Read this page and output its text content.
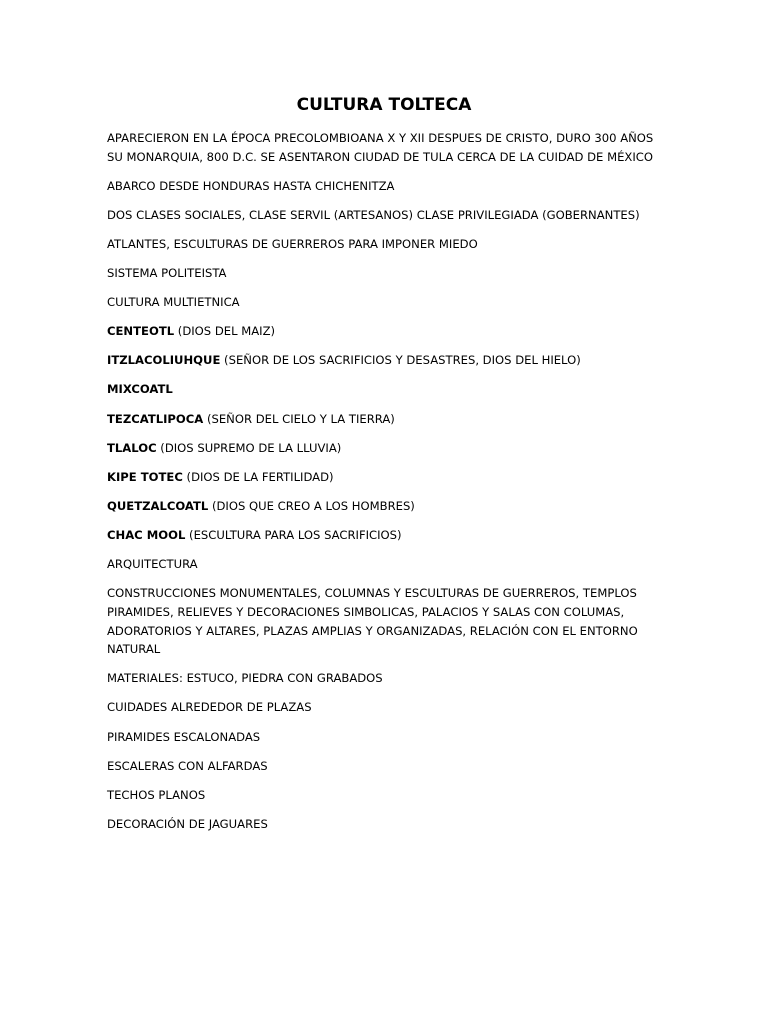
CULTURA TOLTECA

APARECIERON EN LA ÉPOCA PRECOLOMBIOANA X Y XII DESPUES DE CRISTO, DURO 300 AÑOS SU MONARQUIA, 800 D.C. SE ASENTARON CIUDAD DE TULA CERCA DE LA CUIDAD DE MÉXICO

ABARCO DESDE HONDURAS HASTA CHICHENITZA

DOS CLASES SOCIALES, CLASE SERVIL (ARTESANOS) CLASE PRIVILEGIADA (GOBERNANTES)

ATLANTES, ESCULTURAS DE GUERREROS PARA IMPONER MIEDO

SISTEMA POLITEISTA

CULTURA MULTIETNICA

CENTEOTL (DIOS DEL MAIZ)

ITZLACOLIUHQUE (SEÑOR DE LOS SACRIFICIOS Y DESASTRES, DIOS DEL HIELO)

MIXCOATL

TEZCATLIPOCA (SEÑOR DEL CIELO Y LA TIERRA)

TLALOC (DIOS SUPREMO DE LA LLUVIA)

KIPE TOTEC (DIOS DE LA FERTILIDAD)

QUETZALCOATL (DIOS QUE CREO A LOS HOMBRES)

CHAC MOOL (ESCULTURA PARA LOS SACRIFICIOS)

ARQUITECTURA

CONSTRUCCIONES MONUMENTALES, COLUMNAS Y ESCULTURAS DE GUERREROS, TEMPLOS PIRAMIDES, RELIEVES Y DECORACIONES SIMBOLICAS, PALACIOS Y SALAS CON COLUMAS, ADORATORIOS Y ALTARES, PLAZAS AMPLIAS Y ORGANIZADAS, RELACIÓN CON EL ENTORNO NATURAL

MATERIALES: ESTUCO, PIEDRA CON GRABADOS

CUIDADES ALREDEDOR DE PLAZAS

PIRAMIDES ESCALONADAS

ESCALERAS CON ALFARDAS

TECHOS PLANOS

DECORACIÓN DE JAGUARES
